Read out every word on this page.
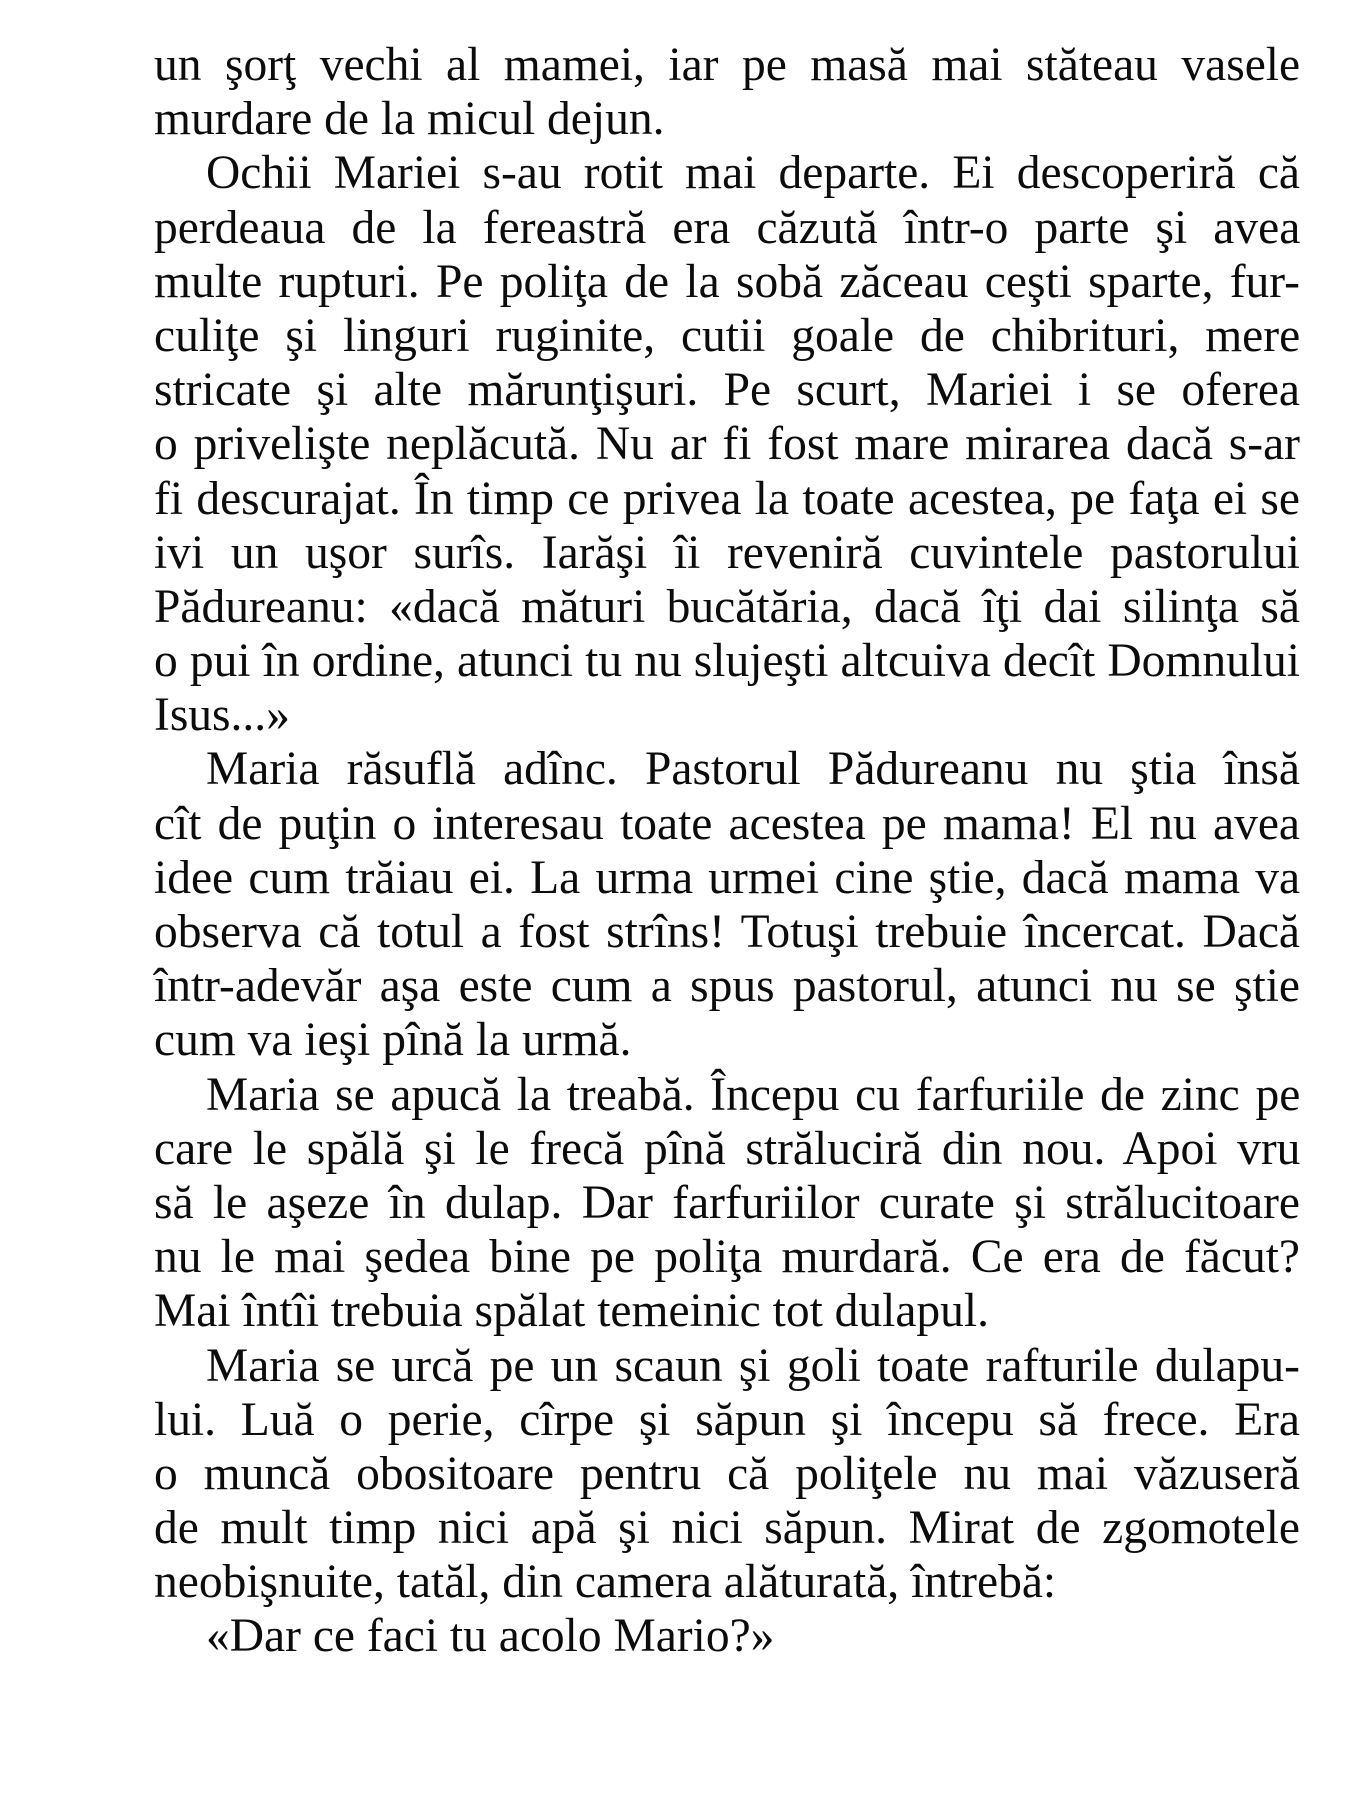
un şorţ vechi al mamei, iar pe masă mai stăteau vasele
murdare de la micul dejun.
Ochii Mariei s-au rotit mai departe. Ei descoperiră că
perdeaua de la fereastră era căzută într-o parte şi avea
multe rupturi. Pe poliţa de la sobă zăceau ceşti sparte, fur-
culiţe şi linguri ruginite, cutii goale de chibrituri, mere
stricate şi alte mărunţişuri. Pe scurt, Mariei i se oferea
o privelişte neplăcută. Nu ar fi fost mare mirarea dacă s-ar
fi descurajat. În timp ce privea la toate acestea, pe faţa ei se
ivi un uşor surîs. Iarăşi îi reveniră cuvintele pastorului
Pădureanu: «dacă mături bucătăria, dacă îţi dai silinţa să
o pui în ordine, atunci tu nu slujeşti altcuiva decît Domnului
Isus...»
Maria răsuflă adînc. Pastorul Pădureanu nu ştia însă
cît de puţin o interesau toate acestea pe mama! El nu avea
idee cum trăiau ei. La urma urmei cine ştie, dacă mama va
observa că totul a fost strîns! Totuşi trebuie încercat. Dacă
într-adevăr aşa este cum a spus pastorul, atunci nu se ştie
cum va ieşi pînă la urmă.
Maria se apucă la treabă. Începu cu farfuriile de zinc pe
care le spălă şi le frecă pînă străluciră din nou. Apoi vru
să le aşeze în dulap. Dar farfuriilor curate şi strălucitoare
nu le mai şedea bine pe poliţa murdară. Ce era de făcut?
Mai întîi trebuia spălat temeinic tot dulapul.
Maria se urcă pe un scaun şi goli toate rafturile dulapu-
lui. Luă o perie, cîrpe şi săpun şi începu să frece. Era
o muncă obositoare pentru că poliţele nu mai văzuseră
de mult timp nici apă şi nici săpun. Mirat de zgomotele
neobişnuite, tatăl, din camera alăturată, întrebă:
«Dar ce faci tu acolo Mario?»
